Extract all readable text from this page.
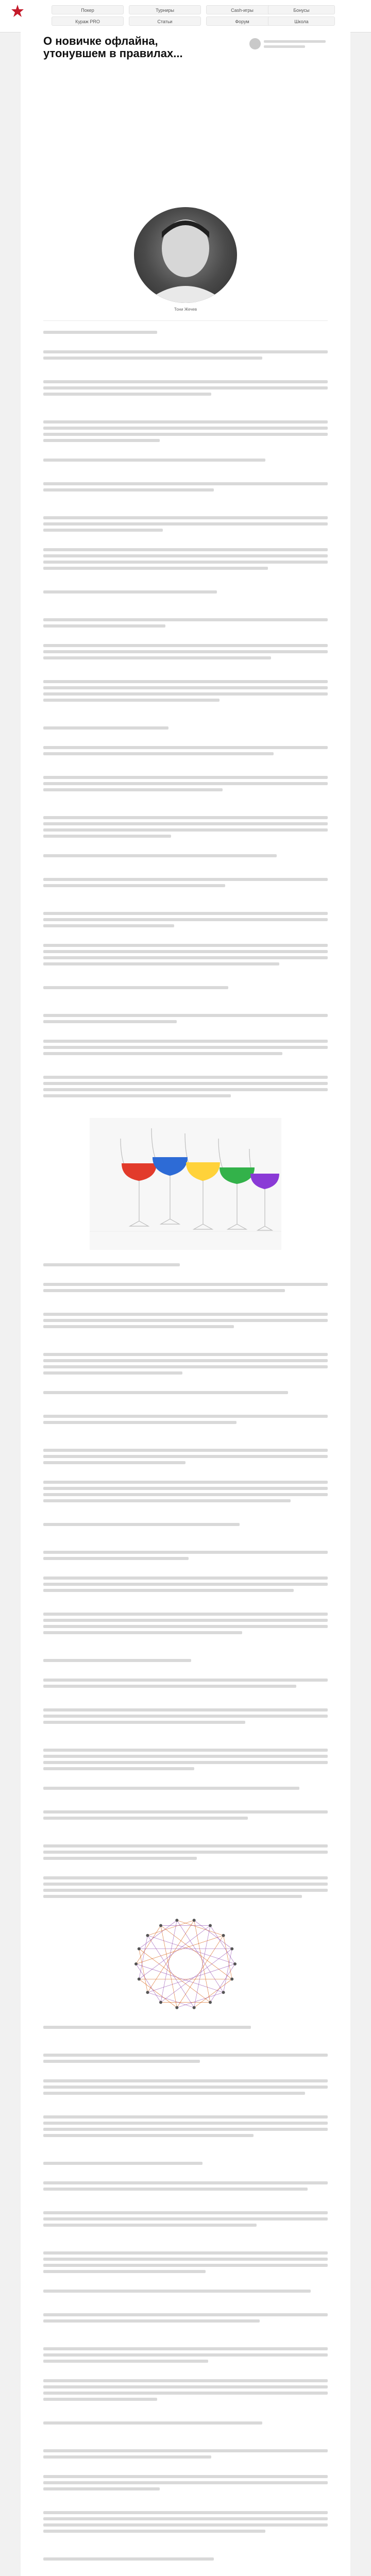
Покер	Турниры	Cash-игры	Бонусы
Кураж PRO	Статьи	Форум	Школа
О новичке офлайна, утонувшем в правилах...

Тони Жечев
